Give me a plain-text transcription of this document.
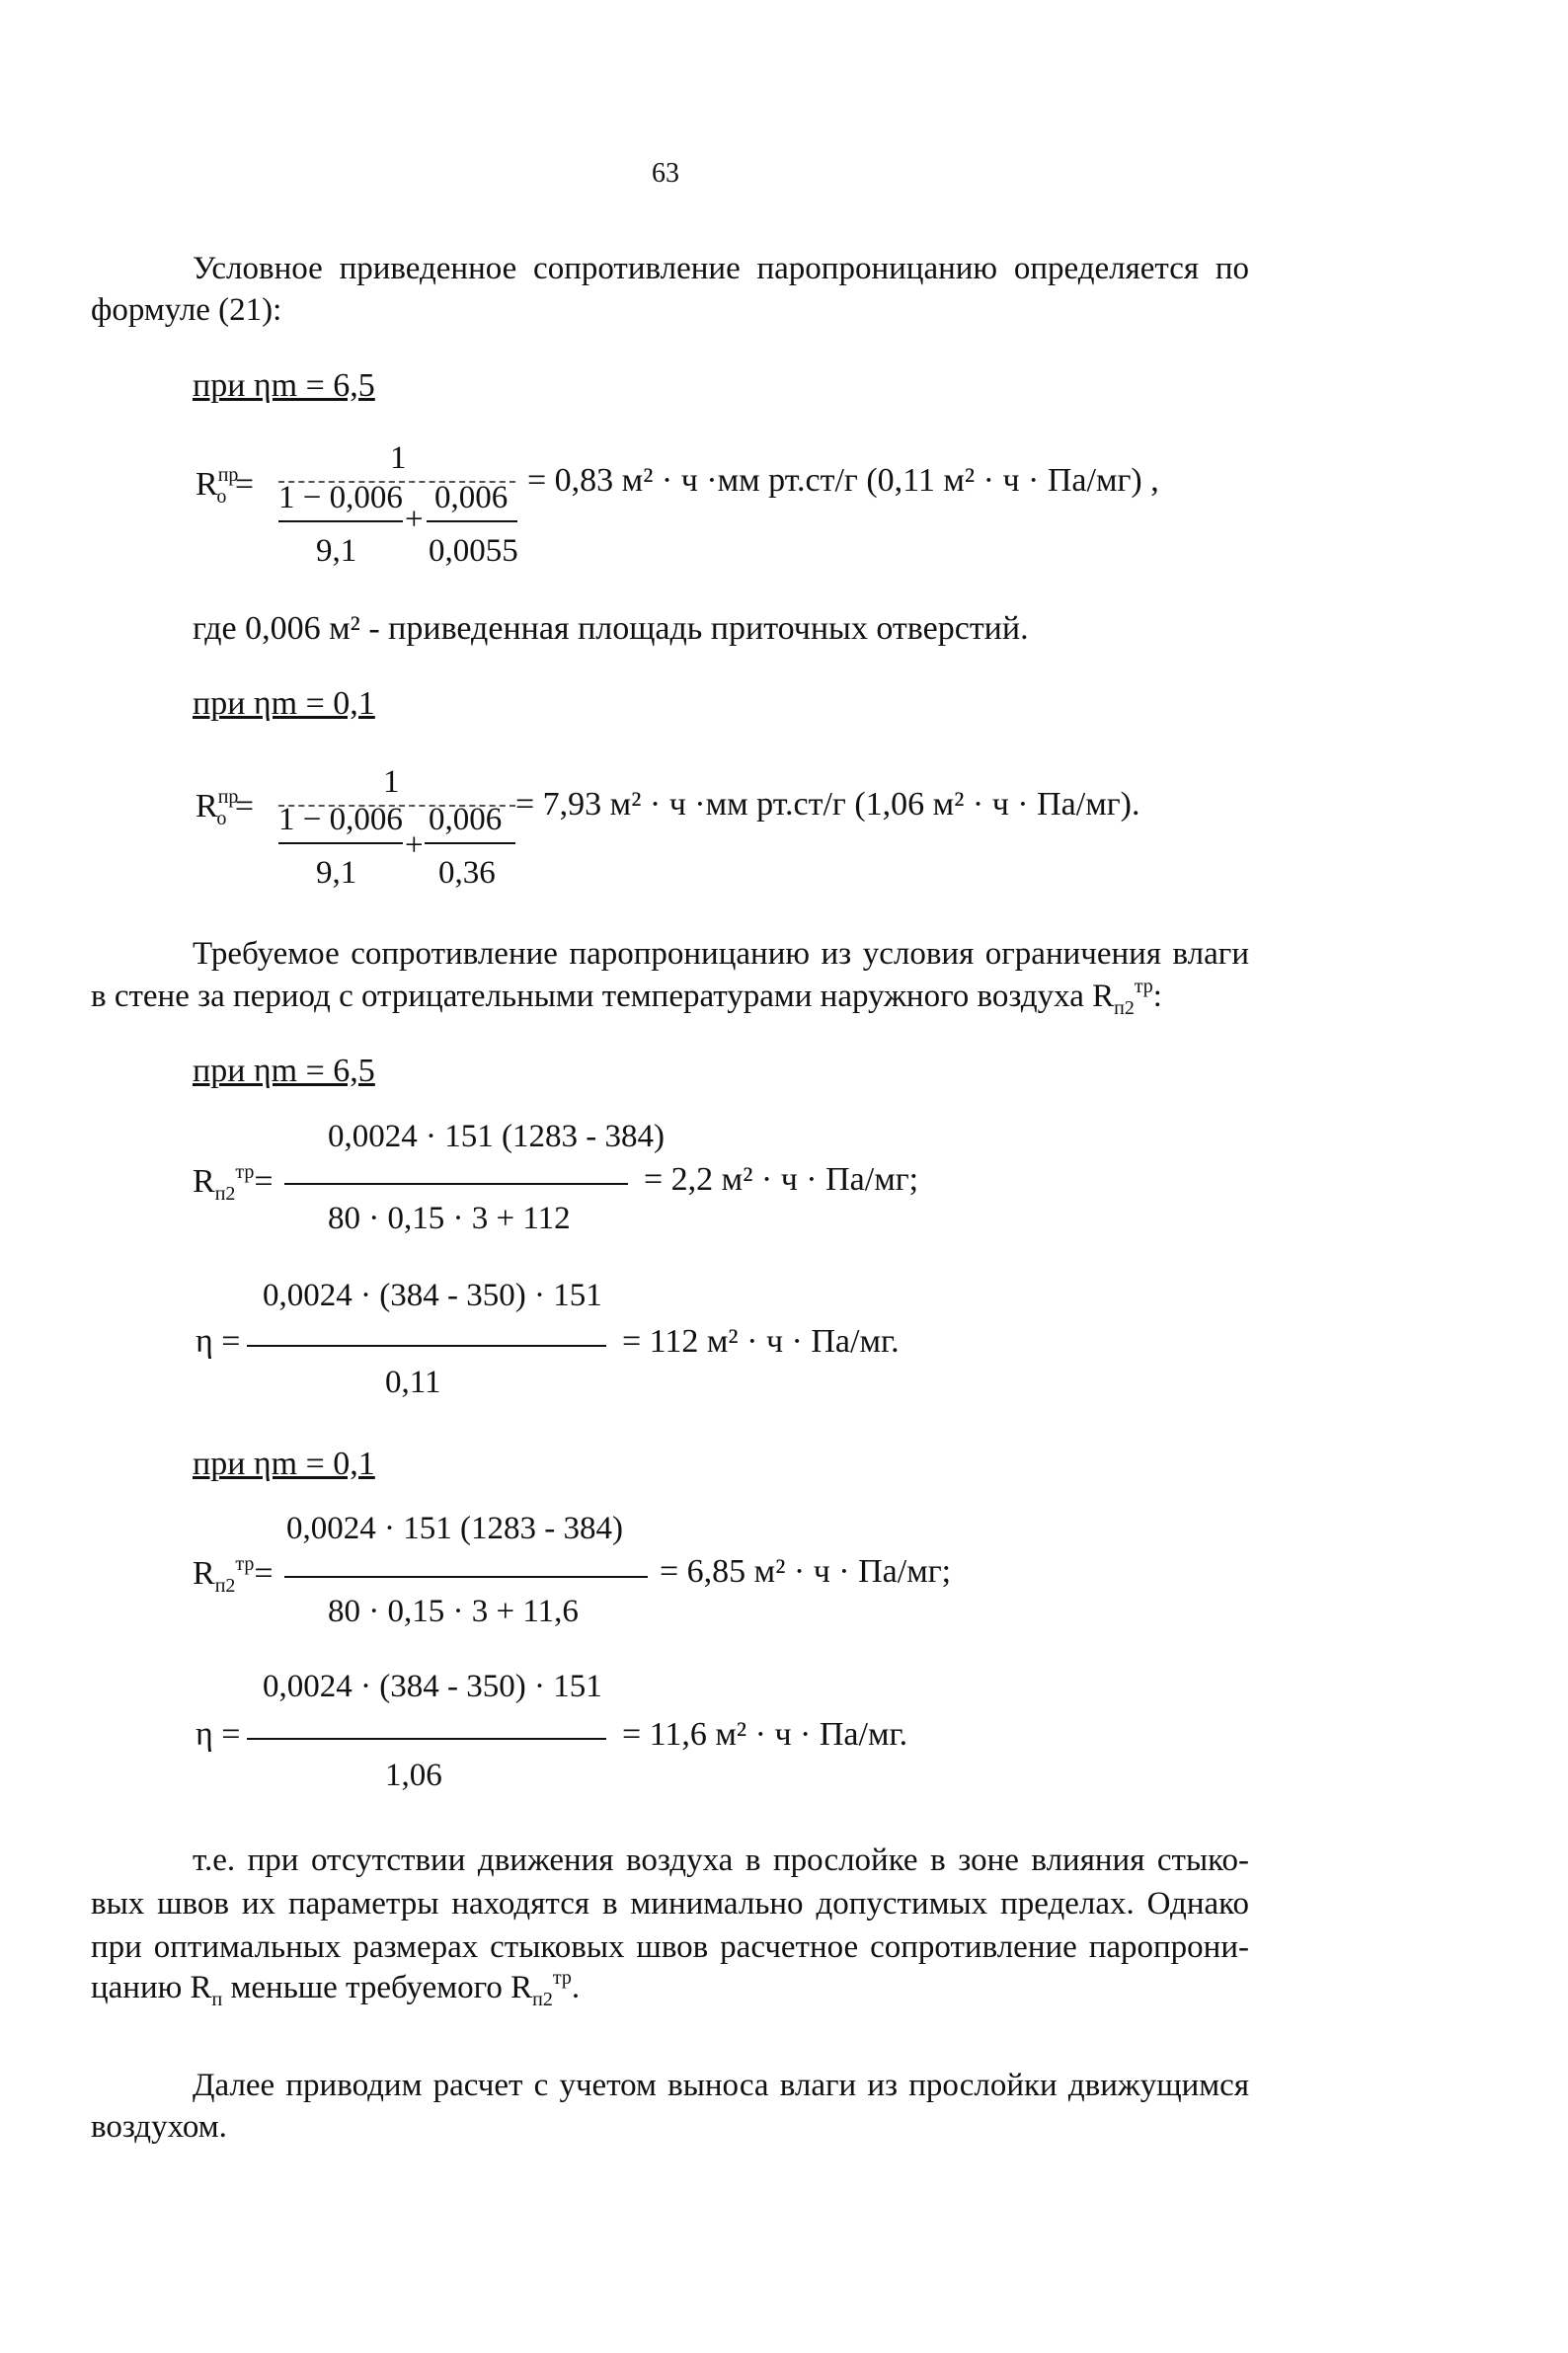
63
Условное приведенное сопротивление паропроницанию определяется по
формуле (21):
при ηm = 6,5
$R^{пр}_о$ =
1
1 − 0,006
9,1
+
0,006
0,0055
= 0,83 м² · ч ·мм рт.ст/г (0,11 м² · ч · Па/мг) ,
где 0,006 м² - приведенная площадь приточных отверстий.
при ηm = 0,1
$R^{пр}_о$ =
1
1 − 0,006
9,1
+
0,006
0,36
= 7,93 м² · ч ·мм рт.ст/г (1,06 м² · ч · Па/мг).
Требуемое сопротивление паропроницанию из условия ограничения влаги
в стене за период с отрицательными температурами наружного воздуха $R_{п2}^{тр}$:
при ηm = 6,5
0,0024 · 151 (1283 - 384)
$R_{п2}^{тр}=$
80 · 0,15 · 3 + 112
= 2,2 м² · ч · Па/мг;
0,0024 · (384 - 350) · 151
η =
0,11
= 112 м² · ч · Па/мг.
при ηm = 0,1
0,0024 · 151 (1283 - 384)
$R_{п2}^{тр}=$
80 · 0,15 · 3 + 11,6
= 6,85 м² · ч · Па/мг;
0,0024 · (384 - 350) · 151
η =
1,06
= 11,6 м² · ч · Па/мг.
т.е. при отсутствии движения воздуха в прослойке в зоне влияния стыко-
вых швов их параметры находятся в минимально допустимых пределах. Однако
при оптимальных размерах стыковых швов расчетное сопротивление паропрони-
цанию $R_п$ меньше требуемого $R_{п2}^{тр}$.
Далее приводим расчет с учетом выноса влаги из прослойки движущимся
воздухом.
